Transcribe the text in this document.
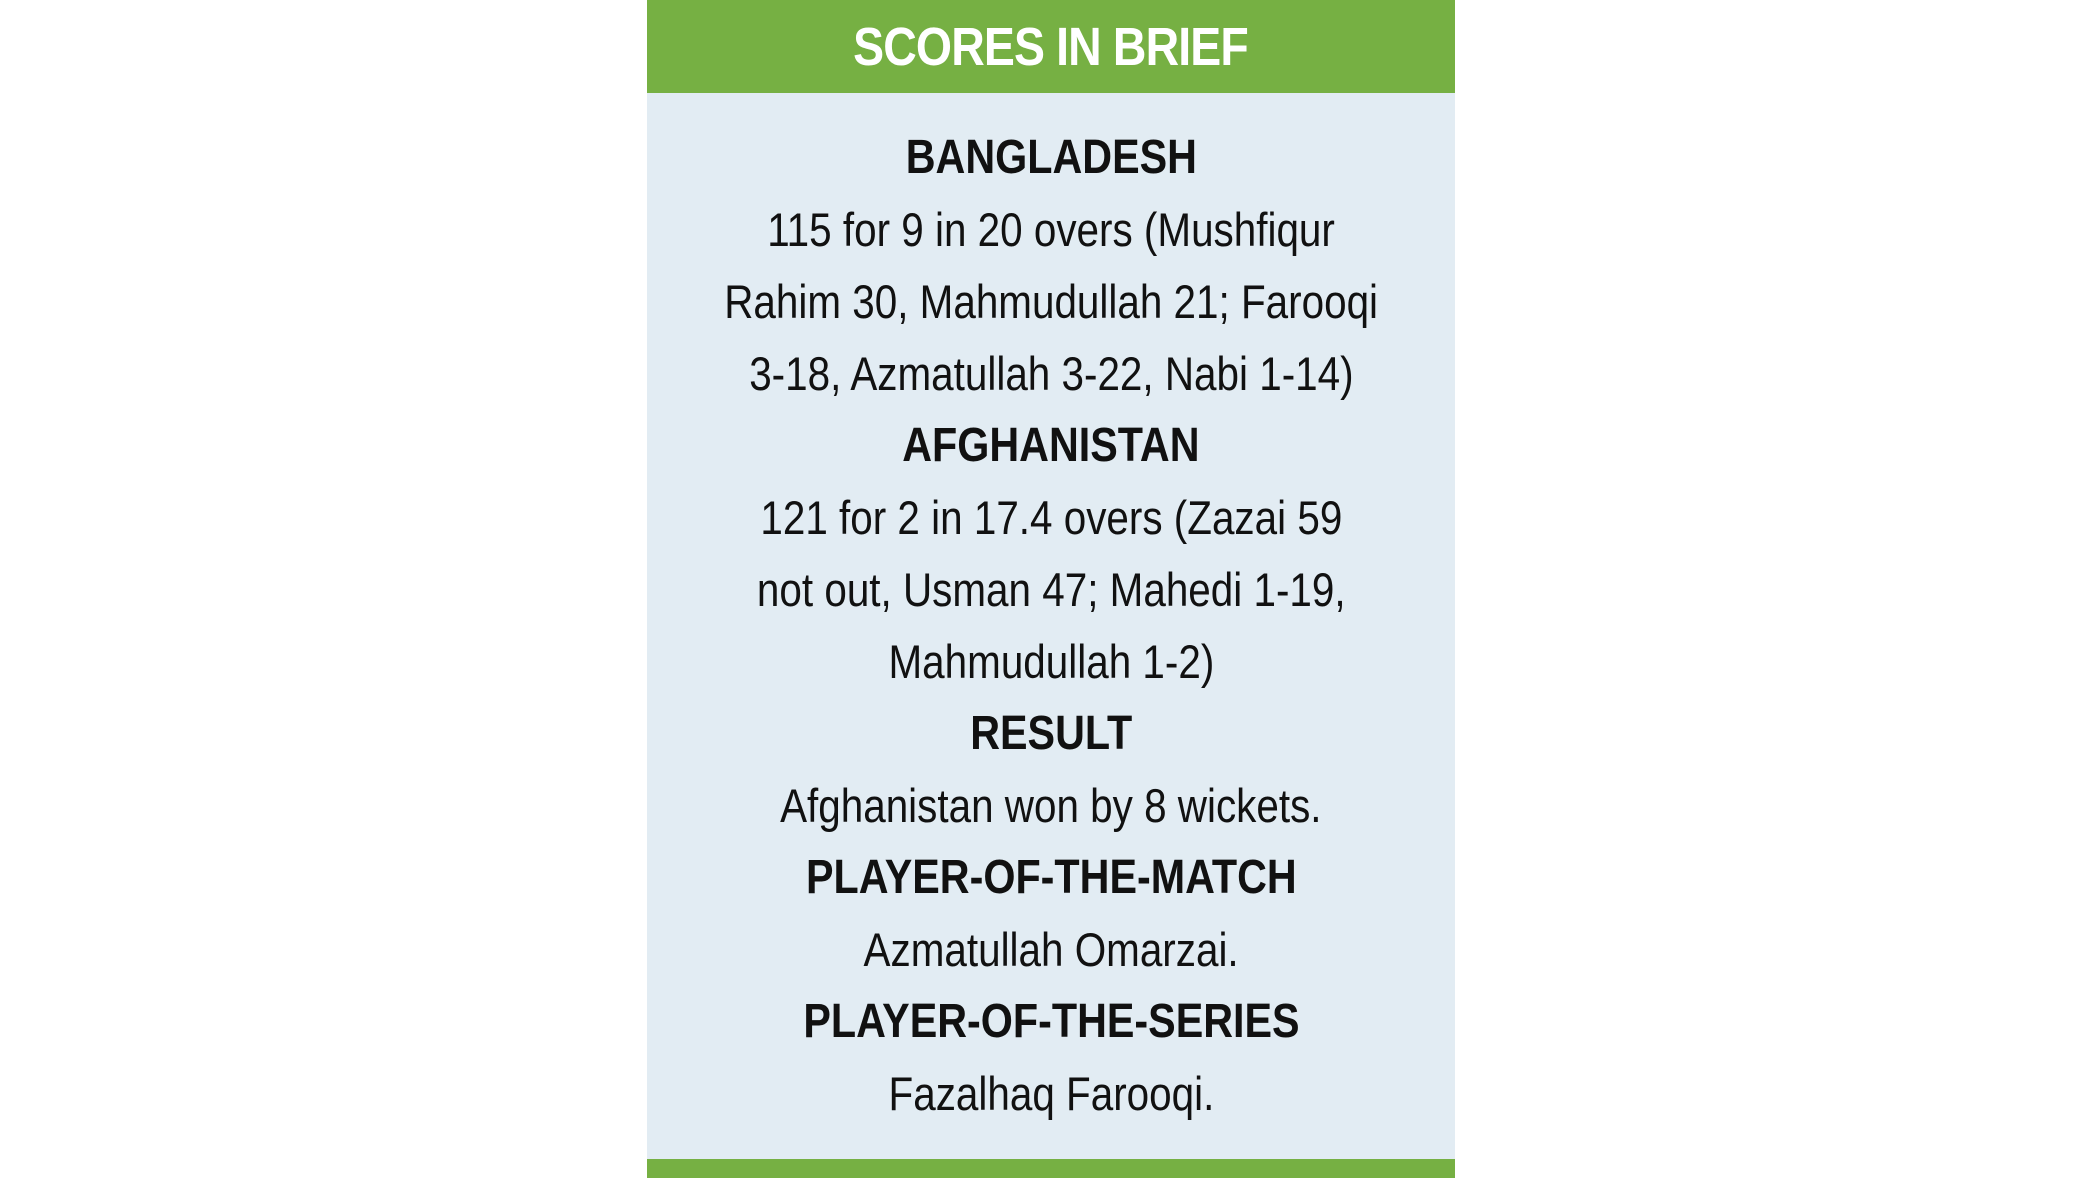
SCORES IN BRIEF
BANGLADESH
115 for 9 in 20 overs (Mushfiqur
Rahim 30, Mahmudullah 21; Farooqi
3-18, Azmatullah 3-22, Nabi 1-14)
AFGHANISTAN
121 for 2 in 17.4 overs (Zazai 59
not out, Usman 47; Mahedi 1-19,
Mahmudullah 1-2)
RESULT
Afghanistan won by 8 wickets.
PLAYER-OF-THE-MATCH
Azmatullah Omarzai.
PLAYER-OF-THE-SERIES
Fazalhaq Farooqi.
